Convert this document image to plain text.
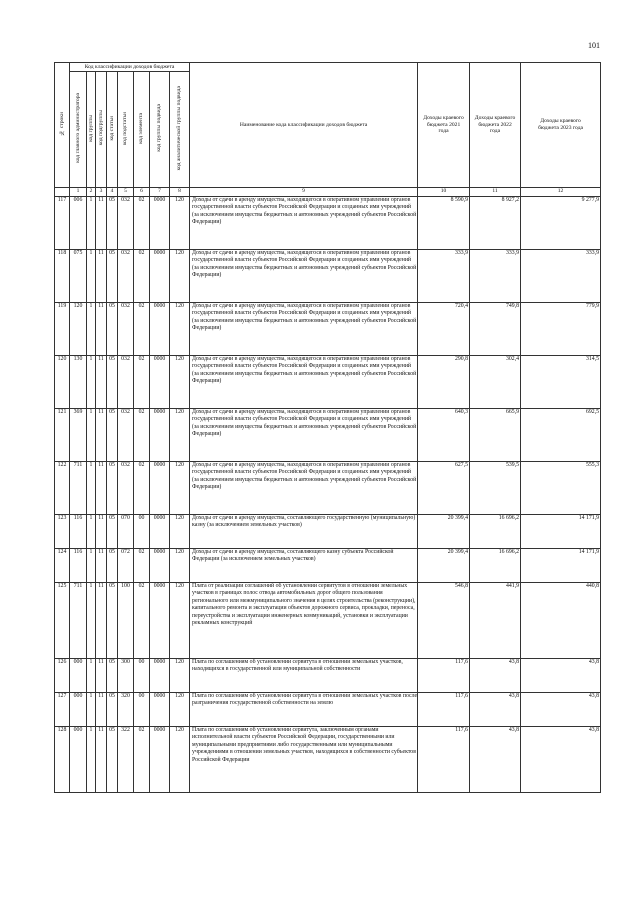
101
№ строки	Код классификации доходов бюджета								Наименование кода классификации доходов бюджета	Доходы краевого бюджета 2021 года	Доходы краевого бюджета 2022 года	Доходы краевого бюджета 2023 года
	код главного администратора	код группы	код подгруппы	код статьи	код подстатьи	код элемента	код группы подвида	код аналитической группы подвида				
	1	2	3	4	5	6	7	8	9	10	11	12
117	006	1	11	05	032	02	0000	120	Доходы от сдачи в аренду имущества, находящегося в оперативном управлении органов государственной власти субъектов Российской Федерации и созданных ими учреждений (за исключением имущества бюджетных и автономных учреждений субъектов Российской Федерации)	8 590,9	8 927,2	9 277,9
118	075	1	11	05	032	02	0000	120	Доходы от сдачи в аренду имущества, находящегося в оперативном управлении органов государственной власти субъектов Российской Федерации и созданных ими учреждений (за исключением имущества бюджетных и автономных учреждений субъектов Российской Федерации)	333,9	333,9	333,9
119	120	1	11	05	032	02	0000	120	Доходы от сдачи в аренду имущества, находящегося в оперативном управлении органов государственной власти субъектов Российской Федерации и созданных ими учреждений (за исключением имущества бюджетных и автономных учреждений субъектов Российской Федерации)	720,4	749,8	779,9
120	130	1	11	05	032	02	0000	120	Доходы от сдачи в аренду имущества, находящегося в оперативном управлении органов государственной власти субъектов Российской Федерации и созданных ими учреждений (за исключением имущества бюджетных и автономных учреждений субъектов Российской Федерации)	290,8	302,4	314,5
121	369	1	11	05	032	02	0000	120	Доходы от сдачи в аренду имущества, находящегося в оперативном управлении органов государственной власти субъектов Российской Федерации и созданных ими учреждений (за исключением имущества бюджетных и автономных учреждений субъектов Российской Федерации)	640,3	665,9	692,5
122	711	1	11	05	032	02	0000	120	Доходы от сдачи в аренду имущества, находящегося в оперативном управлении органов государственной власти субъектов Российской Федерации и созданных ими учреждений (за исключением имущества бюджетных и автономных учреждений субъектов Российской Федерации)	627,5	539,5	555,3
123	116	1	11	05	070	00	0000	120	Доходы от сдачи в аренду имущества, составляющего государственную (муниципальную) казну (за исключением земельных участков)	20 399,4	16 696,2	14 171,9
124	116	1	11	05	072	02	0000	120	Доходы от сдачи в аренду имущества, составляющего казну субъекта Российской Федерации (за исключением земельных участков)	20 399,4	16 696,2	14 171,9
125	711	1	11	05	100	02	0000	120	Плата от реализации соглашений об установлении сервитутов в отношении земельных участков в границах полос отвода автомобильных дорог общего пользования регионального или межмуниципального значения в целях строительства (реконструкции), капитального ремонта и эксплуатации объектов дорожного сервиса, прокладки, переноса, переустройства и эксплуатации инженерных коммуникаций, установки и эксплуатации рекламных конструкций	546,8	441,9	440,8
126	000	1	11	05	300	00	0000	120	Плата по соглашениям об установлении сервитута в отношении земельных участков, находящихся в государственной или муниципальной собственности	117,6	43,8	43,8
127	000	1	11	05	320	00	0000	120	Плата по соглашениям об установлении сервитута в отношении земельных участков после разграничения государственной собственности на землю	117,6	43,8	43,8
128	000	1	11	05	322	02	0000	120	Плата по соглашениям об установлении сервитута, заключенным органами исполнительной власти субъектов Российской Федерации, государственными или муниципальными предприятиями либо государственными или муниципальными учреждениями в отношении земельных участков, находящихся в собственности субъектов Российской Федерации	117,6	43,8	43,8
